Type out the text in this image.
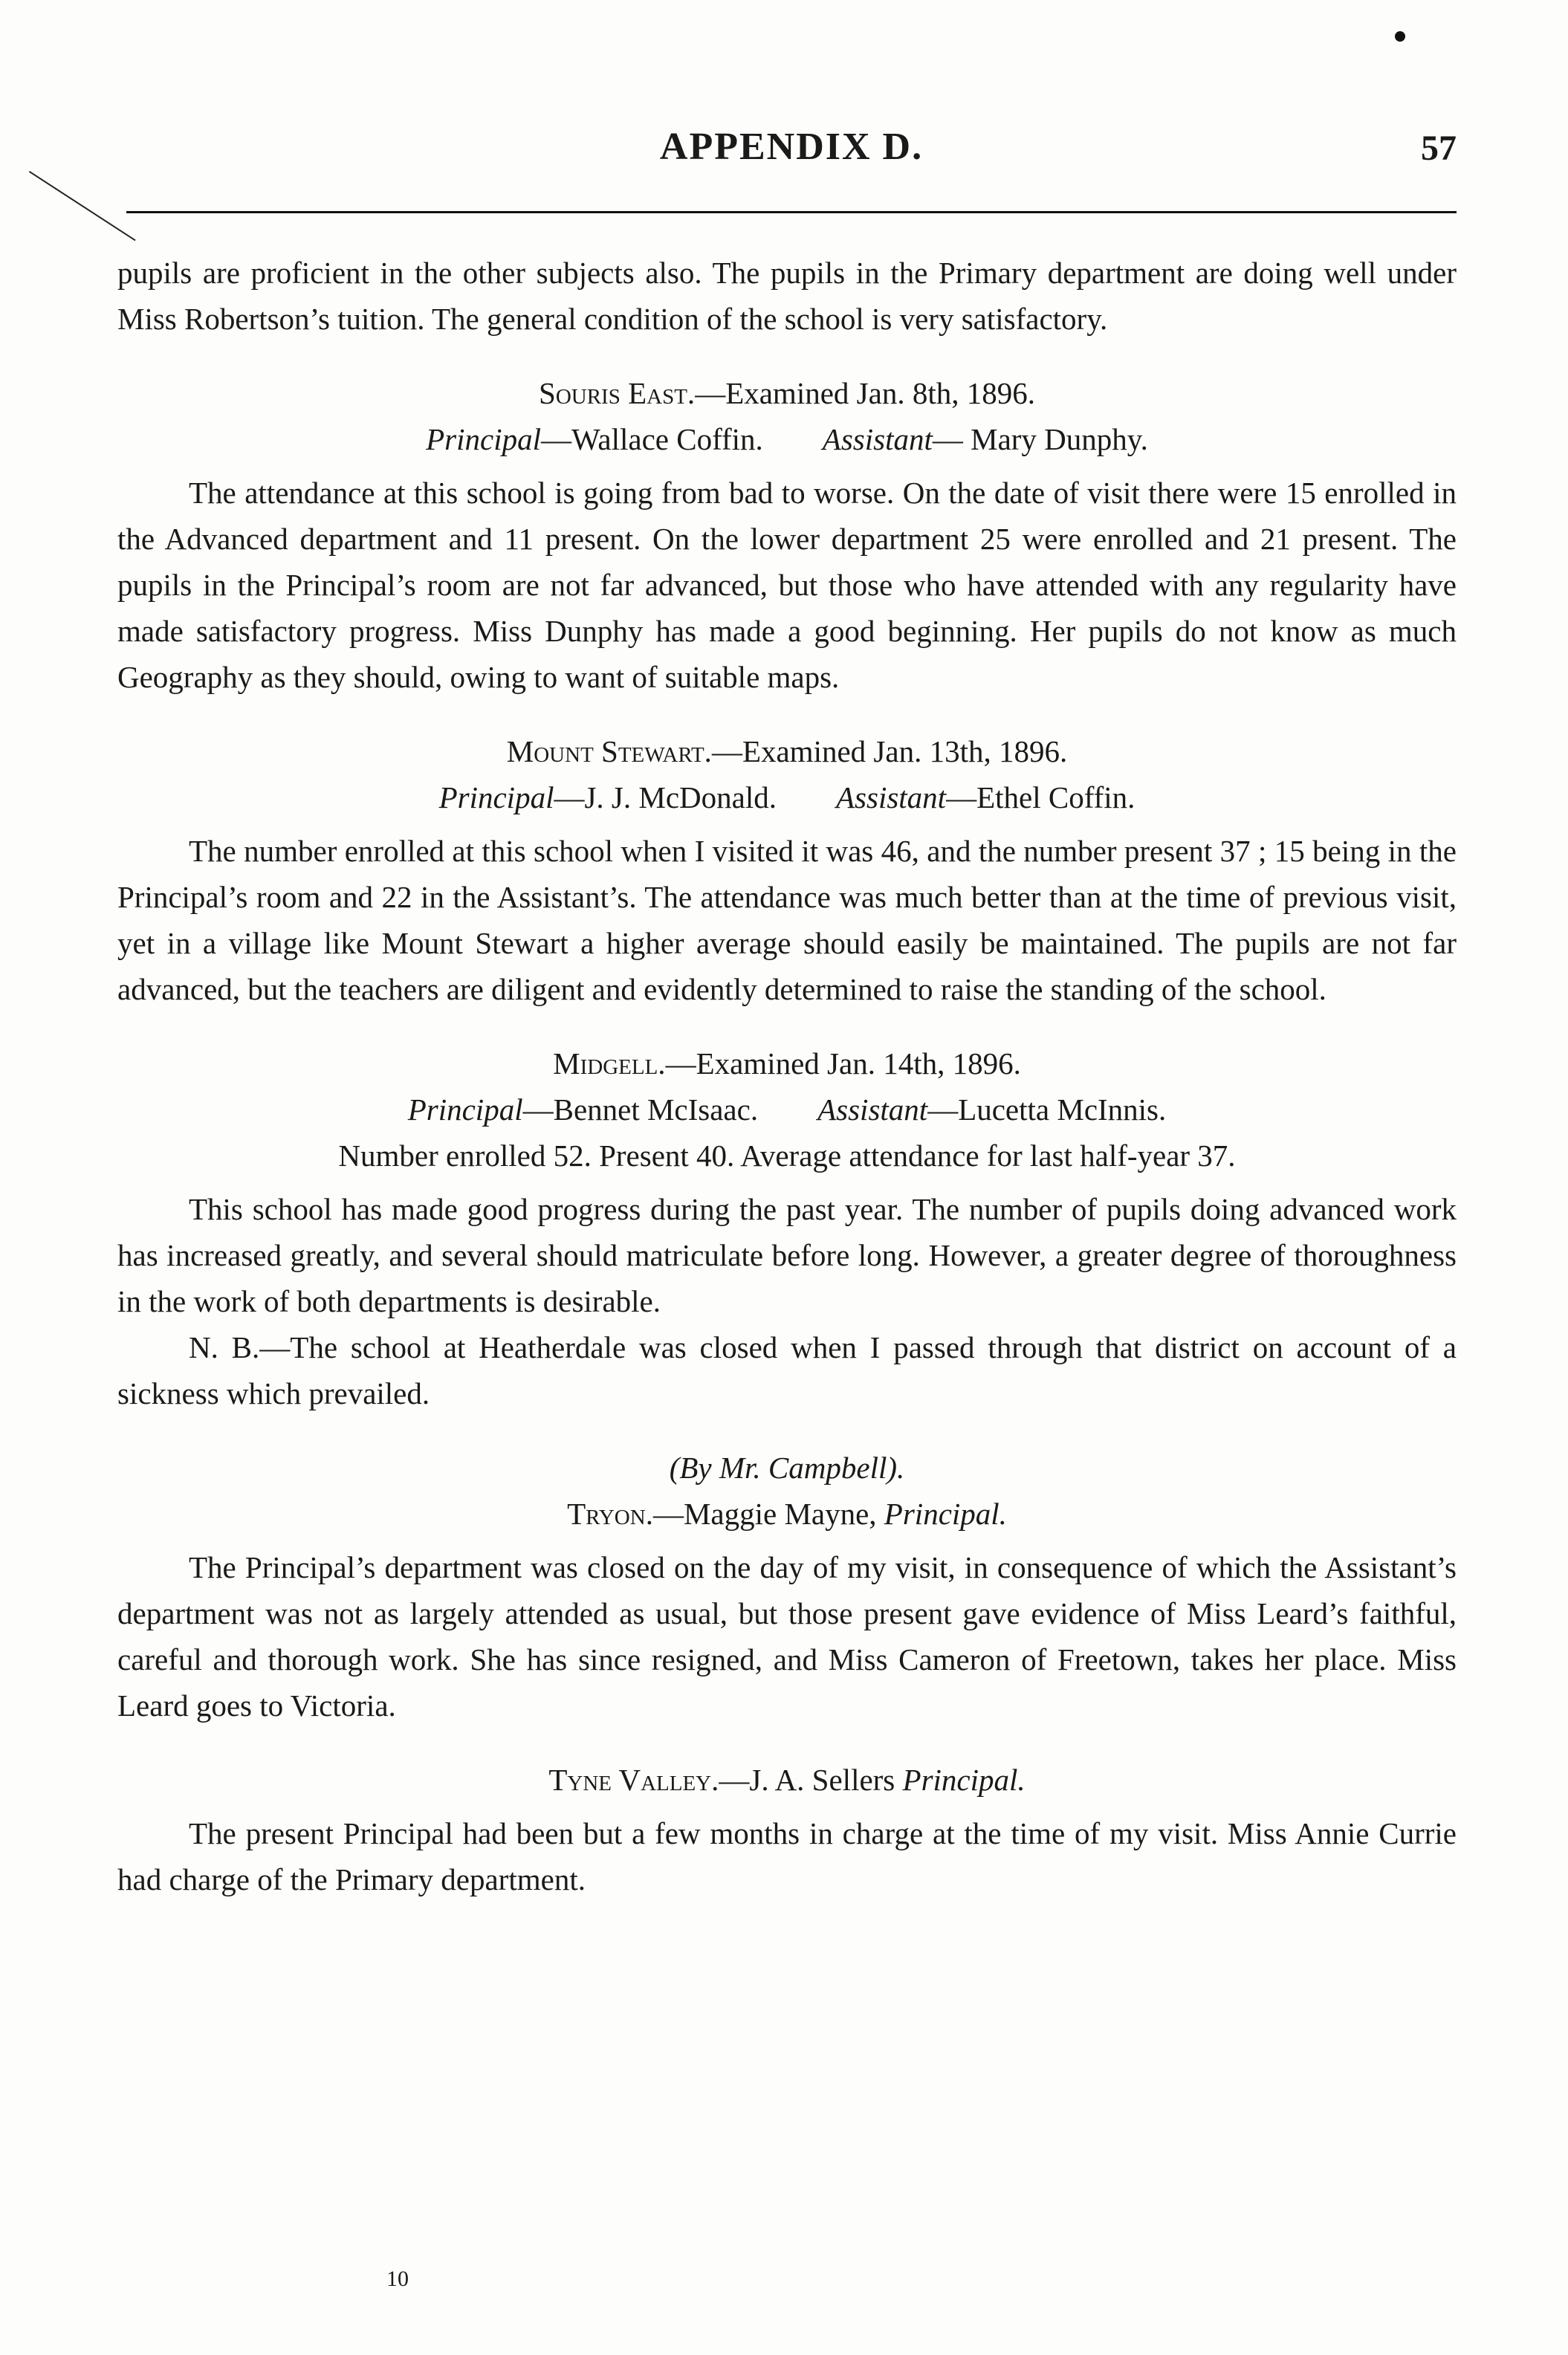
APPENDIX D.	57

pupils are proficient in the other subjects also. The pupils in the Primary department are doing well under Miss Robertson’s tuition. The general condition of the school is very satisfactory.

Souris East.—Examined Jan. 8th, 1896.
Principal—Wallace Coffin. Assistant— Mary Dunphy.

The attendance at this school is going from bad to worse. On the date of visit there were 15 enrolled in the Advanced department and 11 present. On the lower department 25 were enrolled and 21 present. The pupils in the Principal’s room are not far advanced, but those who have attended with any regularity have made satisfactory progress. Miss Dunphy has made a good beginning. Her pupils do not know as much Geography as they should, owing to want of suitable maps.

Mount Stewart.—Examined Jan. 13th, 1896.
Principal—J. J. McDonald. Assistant—Ethel Coffin.

The number enrolled at this school when I visited it was 46, and the number present 37 ; 15 being in the Principal’s room and 22 in the Assistant’s. The attendance was much better than at the time of previous visit, yet in a village like Mount Stewart a higher average should easily be maintained. The pupils are not far advanced, but the teachers are diligent and evidently determined to raise the standing of the school.

Midgell.—Examined Jan. 14th, 1896.
Principal—Bennet McIsaac. Assistant—Lucetta McInnis.
Number enrolled 52. Present 40. Average attendance for last half-year 37.

This school has made good progress during the past year. The number of pupils doing advanced work has increased greatly, and several should matriculate before long. However, a greater degree of thoroughness in the work of both departments is desirable.

N. B.—The school at Heatherdale was closed when I passed through that district on account of a sickness which prevailed.

(By Mr. Campbell).
Tryon.—Maggie Mayne, Principal.

The Principal’s department was closed on the day of my visit, in consequence of which the Assistant’s department was not as largely attended as usual, but those present gave evidence of Miss Leard’s faithful, careful and thorough work. She has since resigned, and Miss Cameron of Freetown, takes her place. Miss Leard goes to Victoria.

Tyne Valley.—J. A. Sellers Principal.

The present Principal had been but a few months in charge at the time of my visit. Miss Annie Currie had charge of the Primary department.

10
